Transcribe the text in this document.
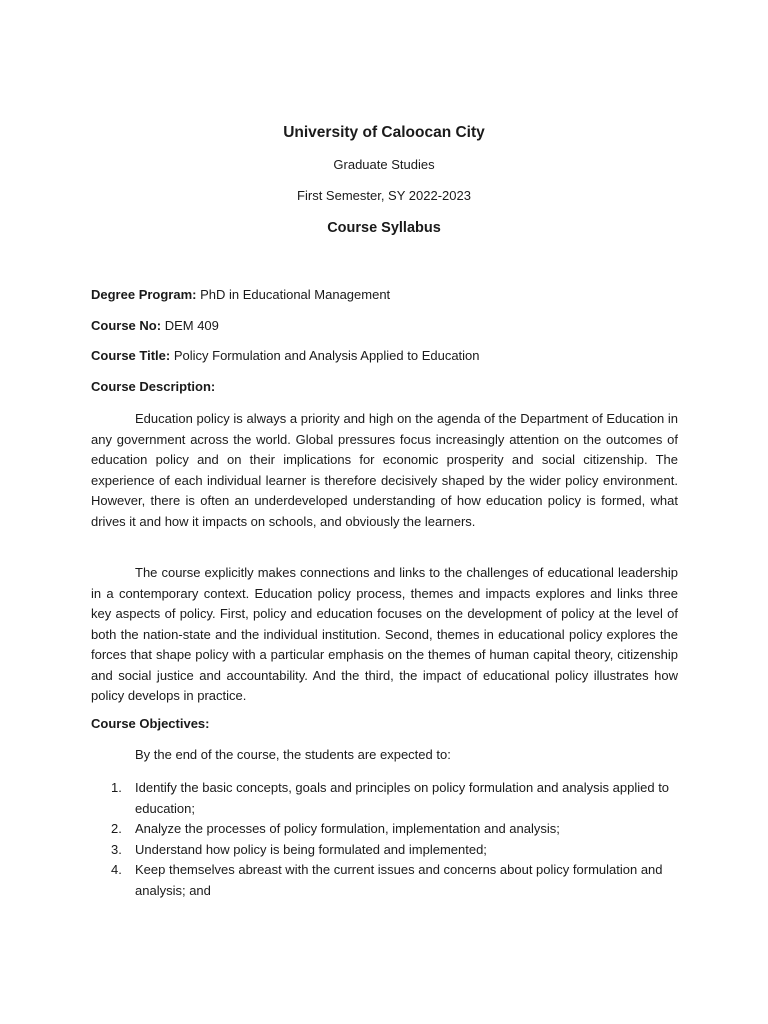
University of Caloocan City
Graduate Studies
First Semester, SY 2022-2023
Course Syllabus
Degree Program: PhD in Educational Management
Course No: DEM 409
Course Title: Policy Formulation and Analysis Applied to Education
Course Description:

Education policy is always a priority and high on the agenda of the Department of Education in any government across the world. Global pressures focus increasingly attention on the outcomes of education policy and on their implications for economic prosperity and social citizenship. The experience of each individual learner is therefore decisively shaped by the wider policy environment. However, there is often an underdeveloped understanding of how education policy is formed, what drives it and how it impacts on schools, and obviously the learners.

The course explicitly makes connections and links to the challenges of educational leadership in a contemporary context. Education policy process, themes and impacts explores and links three key aspects of policy. First, policy and education focuses on the development of policy at the level of both the nation-state and the individual institution. Second, themes in educational policy explores the forces that shape policy with a particular emphasis on the themes of human capital theory, citizenship and social justice and accountability. And the third, the impact of educational policy illustrates how policy develops in practice.

Course Objectives:
By the end of the course, the students are expected to:
1. Identify the basic concepts, goals and principles on policy formulation and analysis applied to education;
2. Analyze the processes of policy formulation, implementation and analysis;
3. Understand how policy is being formulated and implemented;
4. Keep themselves abreast with the current issues and concerns about policy formulation and analysis; and
